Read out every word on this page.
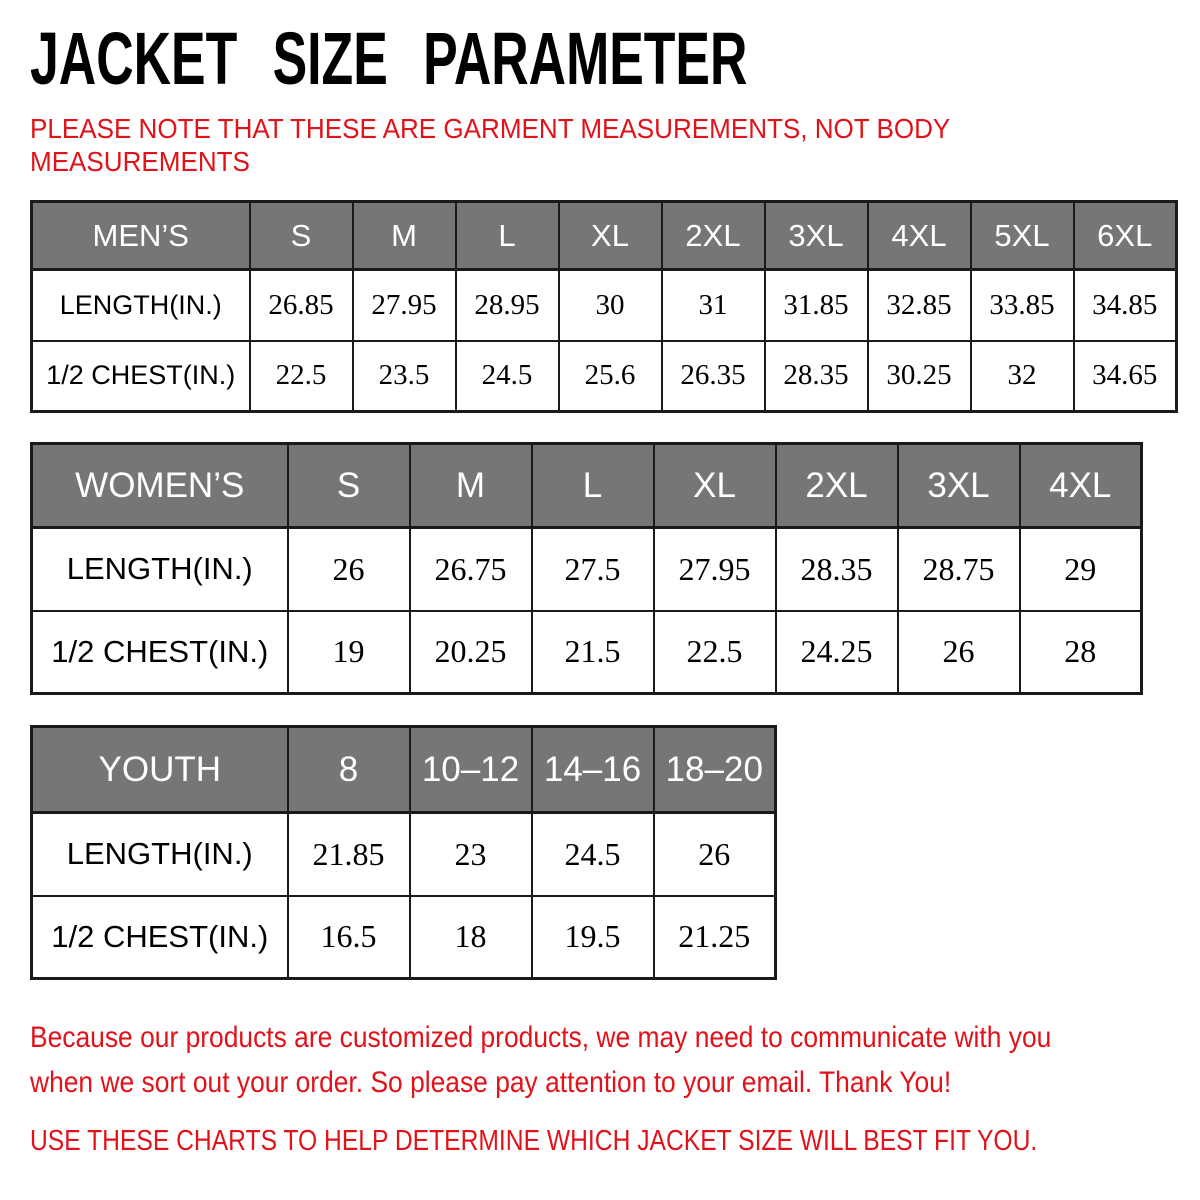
JACKET SIZE PARAMETER
PLEASE NOTE THAT THESE ARE GARMENT MEASUREMENTS, NOT BODY
MEASUREMENTS
MEN’S	S	M	L	XL	2XL	3XL	4XL	5XL	6XL
LENGTH(IN.)	26.85	27.95	28.95	30	31	31.85	32.85	33.85	34.85
1/2 CHEST(IN.)	22.5	23.5	24.5	25.6	26.35	28.35	30.25	32	34.65
WOMEN’S	S	M	L	XL	2XL	3XL	4XL
LENGTH(IN.)	26	26.75	27.5	27.95	28.35	28.75	29
1/2 CHEST(IN.)	19	20.25	21.5	22.5	24.25	26	28
YOUTH	8	10–12	14–16	18–20
LENGTH(IN.)	21.85	23	24.5	26
1/2 CHEST(IN.)	16.5	18	19.5	21.25
Because our products are customized products, we may need to communicate with you
when we sort out your order. So please pay attention to your email. Thank You!
USE THESE CHARTS TO HELP DETERMINE WHICH JACKET SIZE WILL BEST FIT YOU.
